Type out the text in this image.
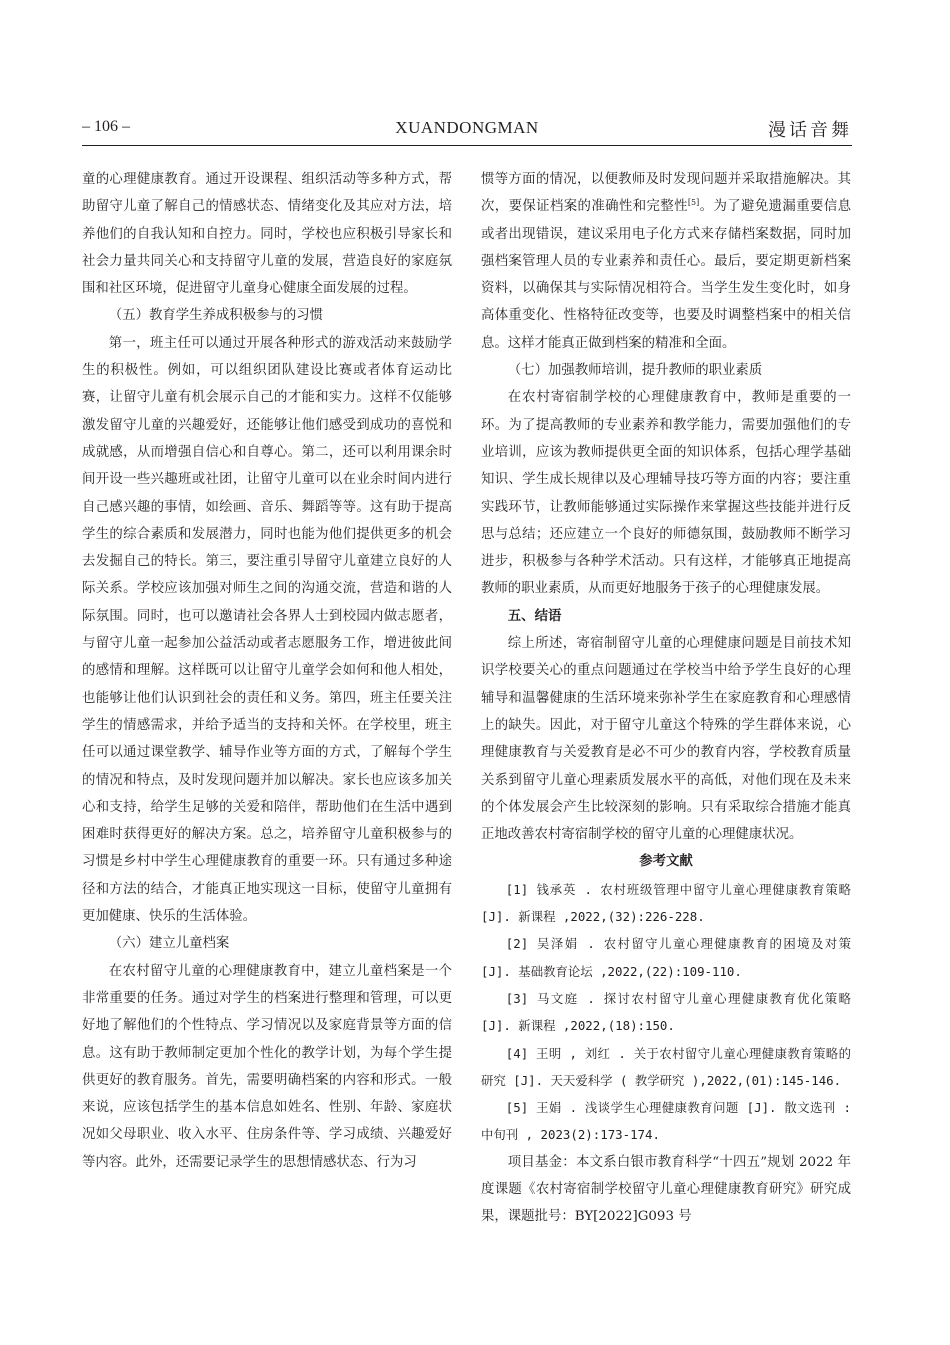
– 106 –	XUANDONGMAN	漫话音舞

童的心理健康教育。通过开设课程、组织活动等多种方式，帮助留守儿童了解自己的情感状态、情绪变化及其应对方法，培养他们的自我认知和自控力。同时，学校也应积极引导家长和社会力量共同关心和支持留守儿童的发展，营造良好的家庭氛围和社区环境，促进留守儿童身心健康全面发展的过程。

（五）教育学生养成积极参与的习惯

第一，班主任可以通过开展各种形式的游戏活动来鼓励学生的积极性。例如，可以组织团队建设比赛或者体育运动比赛，让留守儿童有机会展示自己的才能和实力。这样不仅能够激发留守儿童的兴趣爱好，还能够让他们感受到成功的喜悦和成就感，从而增强自信心和自尊心。第二，还可以利用课余时间开设一些兴趣班或社团，让留守儿童可以在业余时间内进行自己感兴趣的事情，如绘画、音乐、舞蹈等等。这有助于提高学生的综合素质和发展潜力，同时也能为他们提供更多的机会去发掘自己的特长。第三，要注重引导留守儿童建立良好的人际关系。学校应该加强对师生之间的沟通交流，营造和谐的人际氛围。同时，也可以邀请社会各界人士到校园内做志愿者，与留守儿童一起参加公益活动或者志愿服务工作，增进彼此间的感情和理解。这样既可以让留守儿童学会如何和他人相处，也能够让他们认识到社会的责任和义务。第四，班主任要关注学生的情感需求，并给予适当的支持和关怀。在学校里，班主任可以通过课堂教学、辅导作业等方面的方式，了解每个学生的情况和特点，及时发现问题并加以解决。家长也应该多加关心和支持，给学生足够的关爱和陪伴，帮助他们在生活中遇到困难时获得更好的解决方案。总之，培养留守儿童积极参与的习惯是乡村中学生心理健康教育的重要一环。只有通过多种途径和方法的结合，才能真正地实现这一目标，使留守儿童拥有更加健康、快乐的生活体验。

（六）建立儿童档案

在农村留守儿童的心理健康教育中，建立儿童档案是一个非常重要的任务。通过对学生的档案进行整理和管理，可以更好地了解他们的个性特点、学习情况以及家庭背景等方面的信息。这有助于教师制定更加个性化的教学计划，为每个学生提供更好的教育服务。首先，需要明确档案的内容和形式。一般来说，应该包括学生的基本信息如姓名、性别、年龄、家庭状况如父母职业、收入水平、住房条件等、学习成绩、兴趣爱好等内容。此外，还需要记录学生的思想情感状态、行为习

惯等方面的情况，以便教师及时发现问题并采取措施解决。其次，要保证档案的准确性和完整性[5]。为了避免遗漏重要信息或者出现错误，建议采用电子化方式来存储档案数据，同时加强档案管理人员的专业素养和责任心。最后，要定期更新档案资料，以确保其与实际情况相符合。当学生发生变化时，如身高体重变化、性格特征改变等，也要及时调整档案中的相关信息。这样才能真正做到档案的精准和全面。

（七）加强教师培训，提升教师的职业素质

在农村寄宿制学校的心理健康教育中，教师是重要的一环。为了提高教师的专业素养和教学能力，需要加强他们的专业培训，应该为教师提供更全面的知识体系，包括心理学基础知识、学生成长规律以及心理辅导技巧等方面的内容；要注重实践环节，让教师能够通过实际操作来掌握这些技能并进行反思与总结；还应建立一个良好的师德氛围，鼓励教师不断学习进步，积极参与各种学术活动。只有这样，才能够真正地提高教师的职业素质，从而更好地服务于孩子的心理健康发展。

五、结语

综上所述，寄宿制留守儿童的心理健康问题是目前技术知识学校要关心的重点问题通过在学校当中给予学生良好的心理辅导和温馨健康的生活环境来弥补学生在家庭教育和心理感情上的缺失。因此，对于留守儿童这个特殊的学生群体来说，心理健康教育与关爱教育是必不可少的教育内容，学校教育质量关系到留守儿童心理素质发展水平的高低，对他们现在及未来的个体发展会产生比较深刻的影响。只有采取综合措施才能真正地改善农村寄宿制学校的留守儿童的心理健康状况。

参考文献

[1] 钱承英 . 农村班级管理中留守儿童心理健康教育策略 [J]. 新课程 ,2022,(32):226-228.

[2] 吴泽娟 . 农村留守儿童心理健康教育的困境及对策 [J]. 基础教育论坛 ,2022,(22):109-110.

[3] 马文庭 . 探讨农村留守儿童心理健康教育优化策略 [J]. 新课程 ,2022,(18):150.

[4] 王明 , 刘红 . 关于农村留守儿童心理健康教育策略的研究 [J]. 天天爱科学 ( 教学研究 ),2022,(01):145-146.

[5] 王娟 . 浅谈学生心理健康教育问题 [J]. 散文选刊 : 中旬刊 , 2023(2):173-174.

项目基金：本文系白银市教育科学“十四五”规划 2022 年度课题《农村寄宿制学校留守儿童心理健康教育研究》研究成果，课题批号：BY[2022]G093 号
